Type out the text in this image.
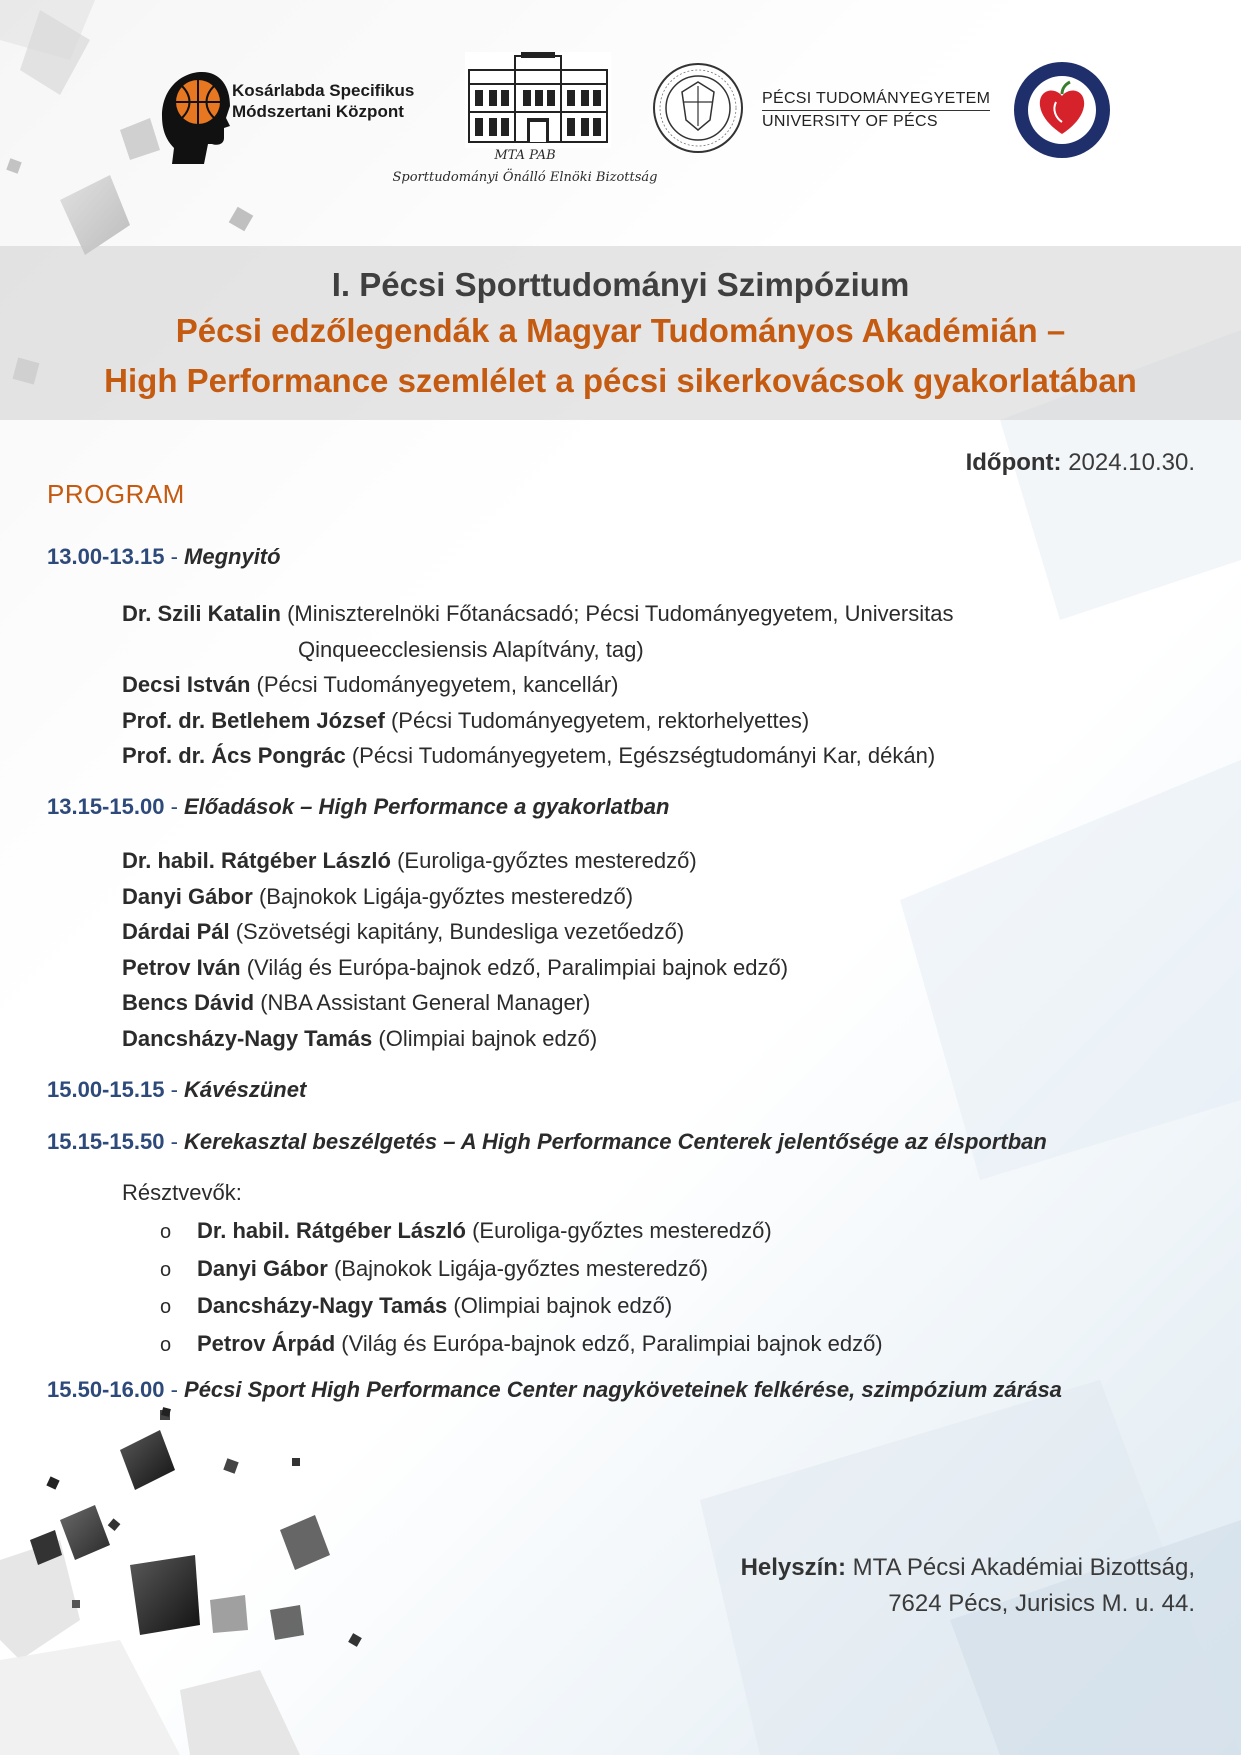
Kosárlabda Specifikus
Módszertani Központ
MTA PAB
Sporttudományi Önálló Elnöki Bizottság
PÉCSI TUDOMÁNYEGYETEM
UNIVERSITY OF PÉCS
I. Pécsi Sporttudományi Szimpózium
Pécsi edzőlegendák a Magyar Tudományos Akadémián –
High Performance szemlélet a pécsi sikerkovácsok gyakorlatában
Időpont: 2024.10.30.
PROGRAM
13.00-13.15 - Megnyitó
Dr. Szili Katalin (Miniszterelnöki Főtanácsadó; Pécsi Tudományegyetem, Universitas
Qinqueecclesiensis Alapítvány, tag)
Decsi István (Pécsi Tudományegyetem, kancellár)
Prof. dr. Betlehem József (Pécsi Tudományegyetem, rektorhelyettes)
Prof. dr. Ács Pongrác (Pécsi Tudományegyetem, Egészségtudományi Kar, dékán)
13.15-15.00 - Előadások – High Performance a gyakorlatban
Dr. habil. Rátgéber László (Euroliga-győztes mesteredző)
Danyi Gábor (Bajnokok Ligája-győztes mesteredző)
Dárdai Pál (Szövetségi kapitány, Bundesliga vezetőedző)
Petrov Iván (Világ és Európa-bajnok edző, Paralimpiai bajnok edző)
Bencs Dávid (NBA Assistant General Manager)
Dancsházy-Nagy Tamás (Olimpiai bajnok edző)
15.00-15.15 - Kávészünet
15.15-15.50 - Kerekasztal beszélgetés – A High Performance Centerek jelentősége az élsportban
Résztvevők:
o Dr. habil. Rátgéber László (Euroliga-győztes mesteredző)
o Danyi Gábor (Bajnokok Ligája-győztes mesteredző)
o Dancsházy-Nagy Tamás (Olimpiai bajnok edző)
o Petrov Árpád (Világ és Európa-bajnok edző, Paralimpiai bajnok edző)
15.50-16.00 - Pécsi Sport High Performance Center nagyköveteinek felkérése, szimpózium zárása
Helyszín: MTA Pécsi Akadémiai Bizottság,
7624 Pécs, Jurisics M. u. 44.
